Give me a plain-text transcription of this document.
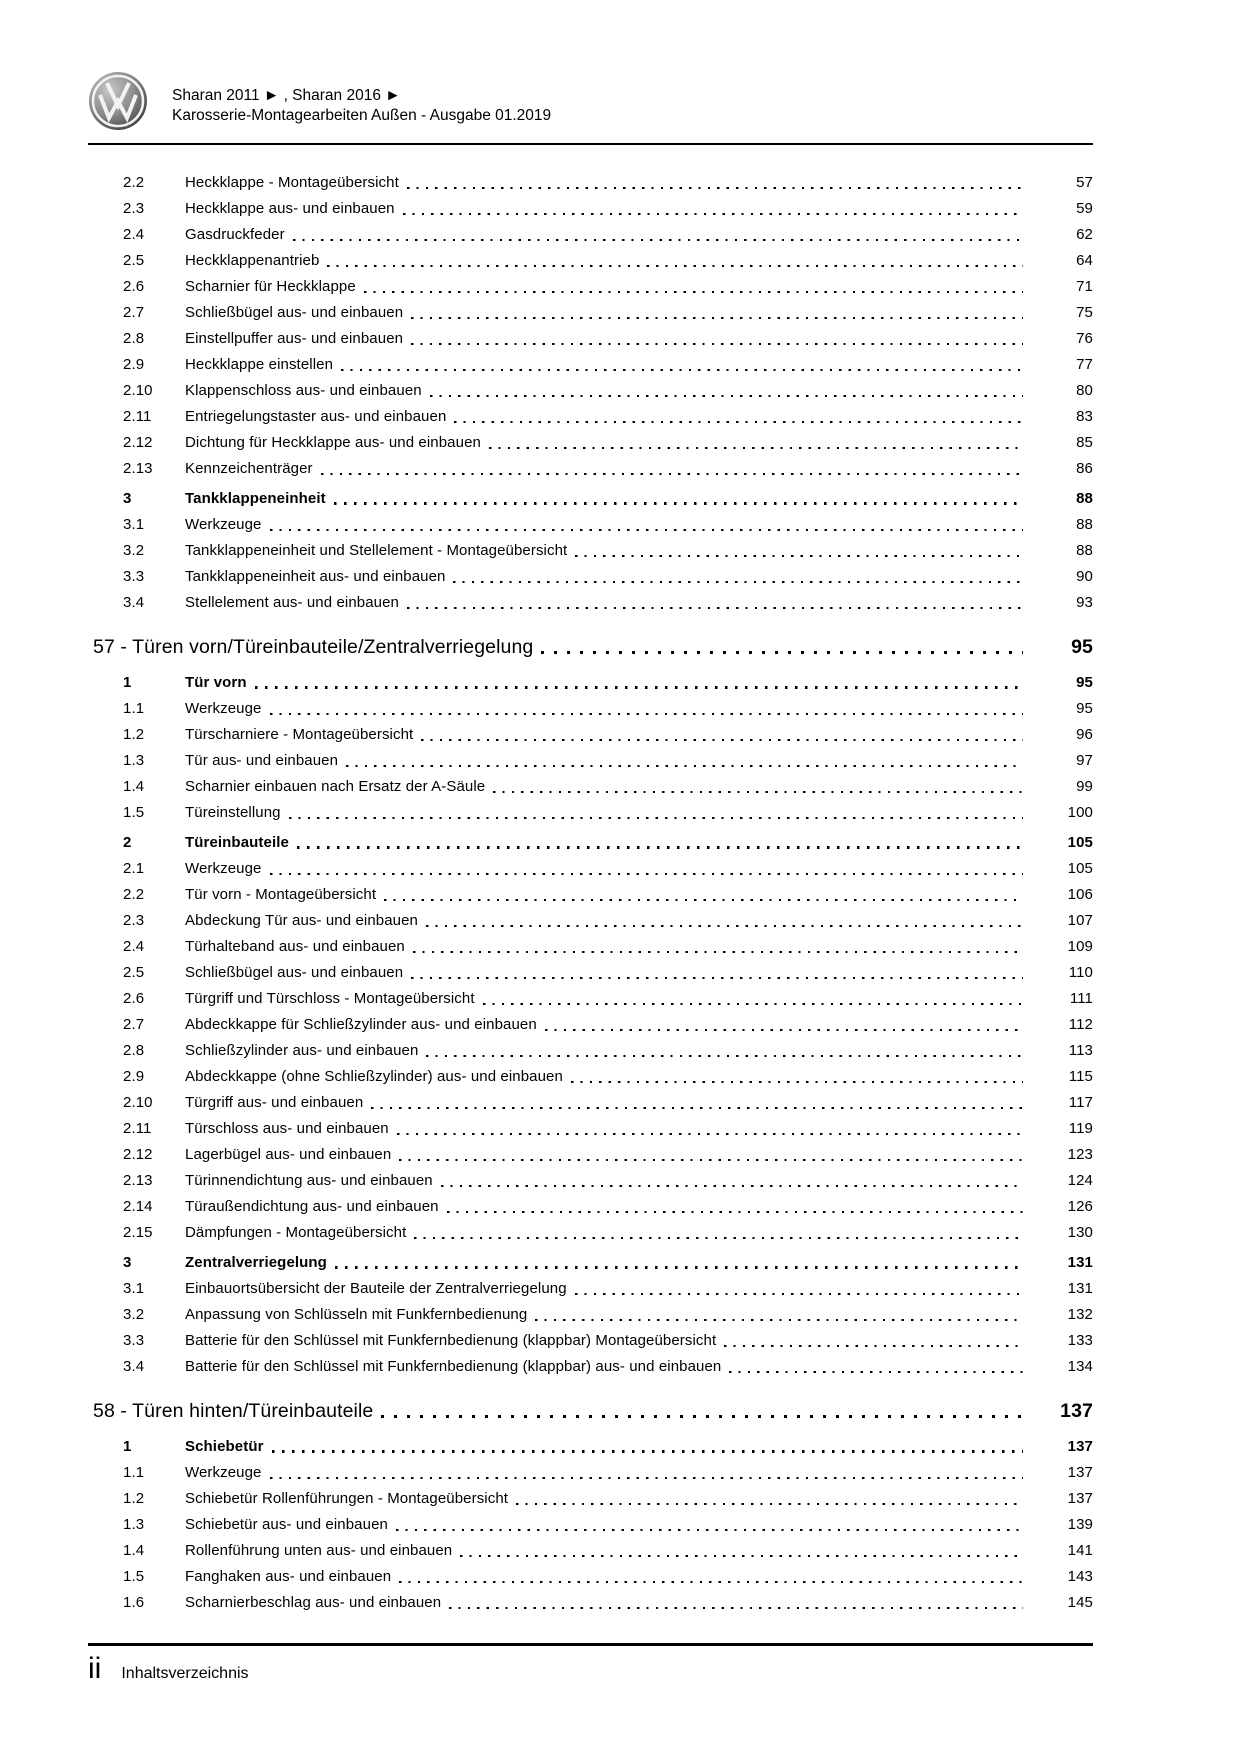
Sharan 2011 ► , Sharan 2016 ►
Karosserie-Montagearbeiten Außen - Ausgabe 01.2019
2.2	Heckklappe - Montageübersicht	57
2.3	Heckklappe aus- und einbauen	59
2.4	Gasdruckfeder	62
2.5	Heckklappenantrieb	64
2.6	Scharnier für Heckklappe	71
2.7	Schließbügel aus- und einbauen	75
2.8	Einstellpuffer aus- und einbauen	76
2.9	Heckklappe einstellen	77
2.10	Klappenschloss aus- und einbauen	80
2.11	Entriegelungstaster aus- und einbauen	83
2.12	Dichtung für Heckklappe aus- und einbauen	85
2.13	Kennzeichenträger	86
3	Tankklappeneinheit	88
3.1	Werkzeuge	88
3.2	Tankklappeneinheit und Stellelement - Montageübersicht	88
3.3	Tankklappeneinheit aus- und einbauen	90
3.4	Stellelement aus- und einbauen	93
57 - Türen vorn/Türeinbauteile/Zentralverriegelung	95
1	Tür vorn	95
1.1	Werkzeuge	95
1.2	Türscharniere - Montageübersicht	96
1.3	Tür aus- und einbauen	97
1.4	Scharnier einbauen nach Ersatz der A-Säule	99
1.5	Türeinstellung	100
2	Türeinbauteile	105
2.1	Werkzeuge	105
2.2	Tür vorn - Montageübersicht	106
2.3	Abdeckung Tür aus- und einbauen	107
2.4	Türhalteband aus- und einbauen	109
2.5	Schließbügel aus- und einbauen	110
2.6	Türgriff und Türschloss - Montageübersicht	111
2.7	Abdeckkappe für Schließzylinder aus- und einbauen	112
2.8	Schließzylinder aus- und einbauen	113
2.9	Abdeckkappe (ohne Schließzylinder) aus- und einbauen	115
2.10	Türgriff aus- und einbauen	117
2.11	Türschloss aus- und einbauen	119
2.12	Lagerbügel aus- und einbauen	123
2.13	Türinnendichtung aus- und einbauen	124
2.14	Türaußendichtung aus- und einbauen	126
2.15	Dämpfungen - Montageübersicht	130
3	Zentralverriegelung	131
3.1	Einbauortsübersicht der Bauteile der Zentralverriegelung	131
3.2	Anpassung von Schlüsseln mit Funkfernbedienung	132
3.3	Batterie für den Schlüssel mit Funkfernbedienung (klappbar) Montageübersicht	133
3.4	Batterie für den Schlüssel mit Funkfernbedienung (klappbar) aus- und einbauen	134
58 - Türen hinten/Türeinbauteile	137
1	Schiebetür	137
1.1	Werkzeuge	137
1.2	Schiebetür Rollenführungen - Montageübersicht	137
1.3	Schiebetür aus- und einbauen	139
1.4	Rollenführung unten aus- und einbauen	141
1.5	Fanghaken aus- und einbauen	143
1.6	Scharnierbeschlag aus- und einbauen	145
ii Inhaltsverzeichnis
